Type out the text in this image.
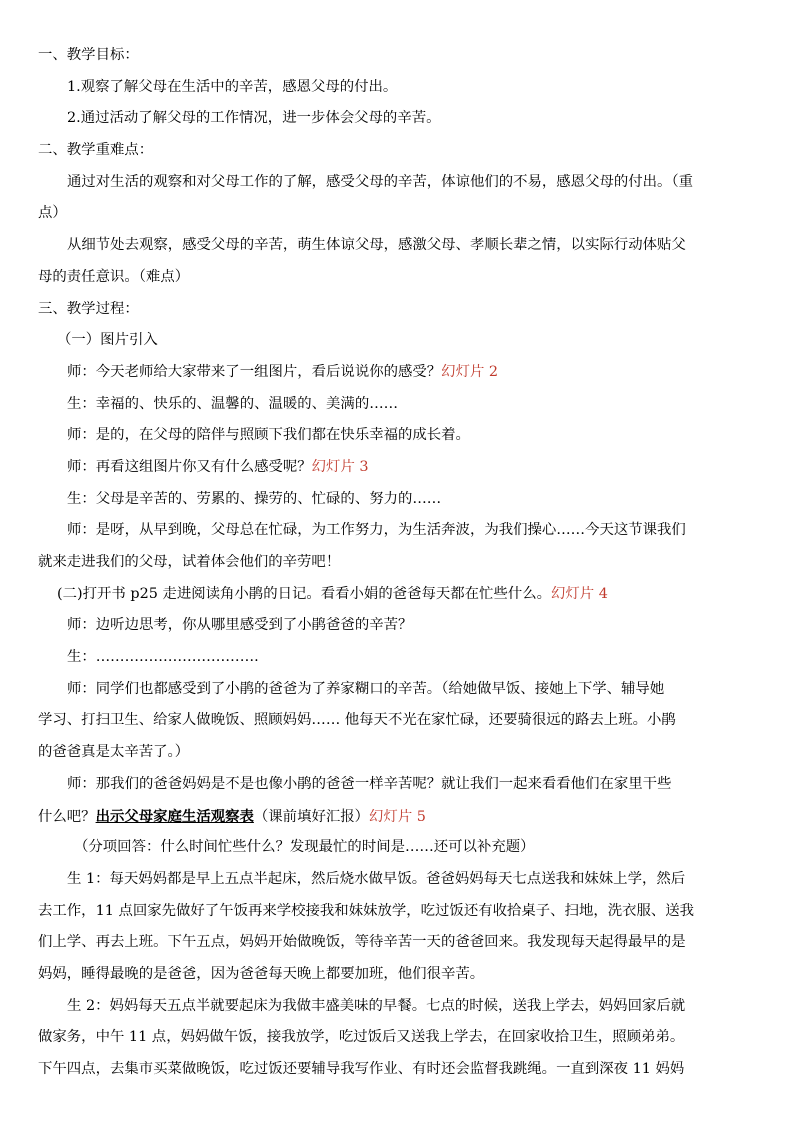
一、教学目标：
1.观察了解父母在生活中的辛苦，感恩父母的付出。
2.通过活动了解父母的工作情况，进一步体会父母的辛苦。
二、教学重难点：
通过对生活的观察和对父母工作的了解，感受父母的辛苦，体谅他们的不易，感恩父母的付出。（重
点）
从细节处去观察，感受父母的辛苦，萌生体谅父母，感激父母、孝顺长辈之情，以实际行动体贴父
母的责任意识。（难点）
三、教学过程：
（一）图片引入
师：今天老师给大家带来了一组图片，看后说说你的感受？幻灯片 2
生：幸福的、快乐的、温馨的、温暖的、美满的……
师：是的，在父母的陪伴与照顾下我们都在快乐幸福的成长着。
师：再看这组图片你又有什么感受呢？幻灯片 3
生：父母是辛苦的、劳累的、操劳的、忙碌的、努力的……
师：是呀，从早到晚，父母总在忙碌，为工作努力，为生活奔波，为我们操心……今天这节课我们
就来走进我们的父母，试着体会他们的辛劳吧！
(二)打开书 p25 走进阅读角小鹃的日记。看看小娟的爸爸每天都在忙些什么。幻灯片 4
师：边听边思考，你从哪里感受到了小鹃爸爸的辛苦？
生：…………………………….
师：同学们也都感受到了小鹃的爸爸为了养家糊口的辛苦。（给她做早饭、接她上下学、辅导她
学习、打扫卫生、给家人做晚饭、照顾妈妈…… 他每天不光在家忙碌，还要骑很远的路去上班。小鹃
的爸爸真是太辛苦了。）
师：那我们的爸爸妈妈是不是也像小鹃的爸爸一样辛苦呢？就让我们一起来看看他们在家里干些
什么吧？出示父母家庭生活观察表（课前填好汇报）幻灯片 5
（分项回答：什么时间忙些什么？发现最忙的时间是……还可以补充题）
生 1：每天妈妈都是早上五点半起床，然后烧水做早饭。爸爸妈妈每天七点送我和妹妹上学，然后
去工作，11 点回家先做好了午饭再来学校接我和妹妹放学，吃过饭还有收拾桌子、扫地，洗衣服、送我
们上学、再去上班。下午五点，妈妈开始做晚饭，等待辛苦一天的爸爸回来。我发现每天起得最早的是
妈妈，睡得最晚的是爸爸，因为爸爸每天晚上都要加班，他们很辛苦。
生 2：妈妈每天五点半就要起床为我做丰盛美味的早餐。七点的时候，送我上学去，妈妈回家后就
做家务，中午 11 点，妈妈做午饭，接我放学，吃过饭后又送我上学去，在回家收拾卫生，照顾弟弟。
下午四点，去集市买菜做晚饭，吃过饭还要辅导我写作业、有时还会监督我跳绳。一直到深夜 11 妈妈
